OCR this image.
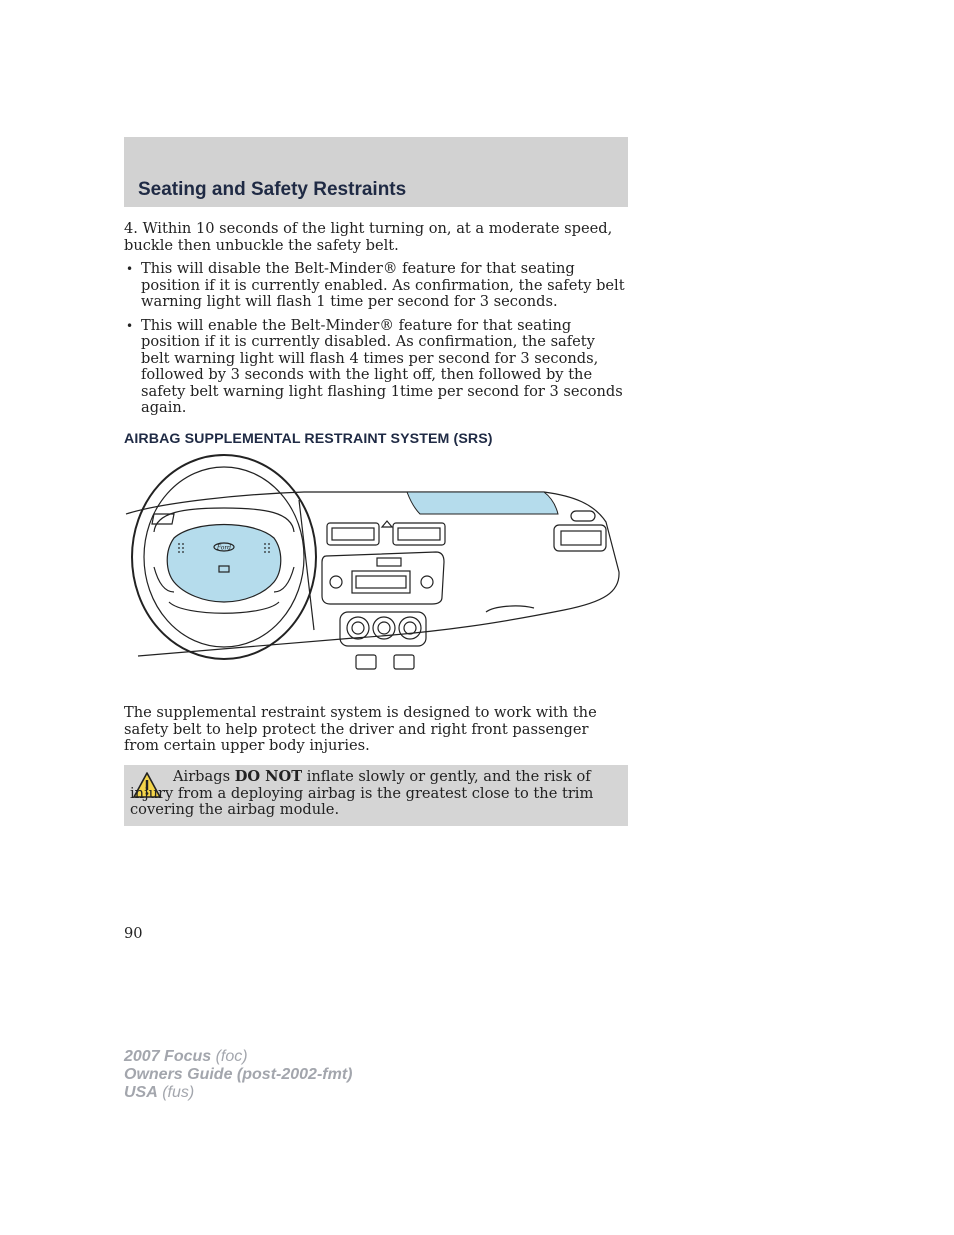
Seating and Safety Restraints

4. Within 10 seconds of the light turning on, at a moderate speed, buckle then unbuckle the safety belt.

• This will disable the Belt-Minder® feature for that seating position if it is currently enabled. As confirmation, the safety belt warning light will flash 1 time per second for 3 seconds.
• This will enable the Belt-Minder® feature for that seating position if it is currently disabled. As confirmation, the safety belt warning light will flash 4 times per second for 3 seconds, followed by 3 seconds with the light off, then followed by the safety belt warning light flashing 1time per second for 3 seconds again.
AIRBAG SUPPLEMENTAL RESTRAINT SYSTEM (SRS)
Ford

The supplemental restraint system is designed to work with the safety belt to help protect the driver and right front passenger from certain upper body injuries.

Airbags DO NOT inflate slowly or gently, and the risk of injury from a deploying airbag is the greatest close to the trim covering the airbag module.

90
2007 Focus (foc)
Owners Guide (post-2002-fmt)
USA (fus)
